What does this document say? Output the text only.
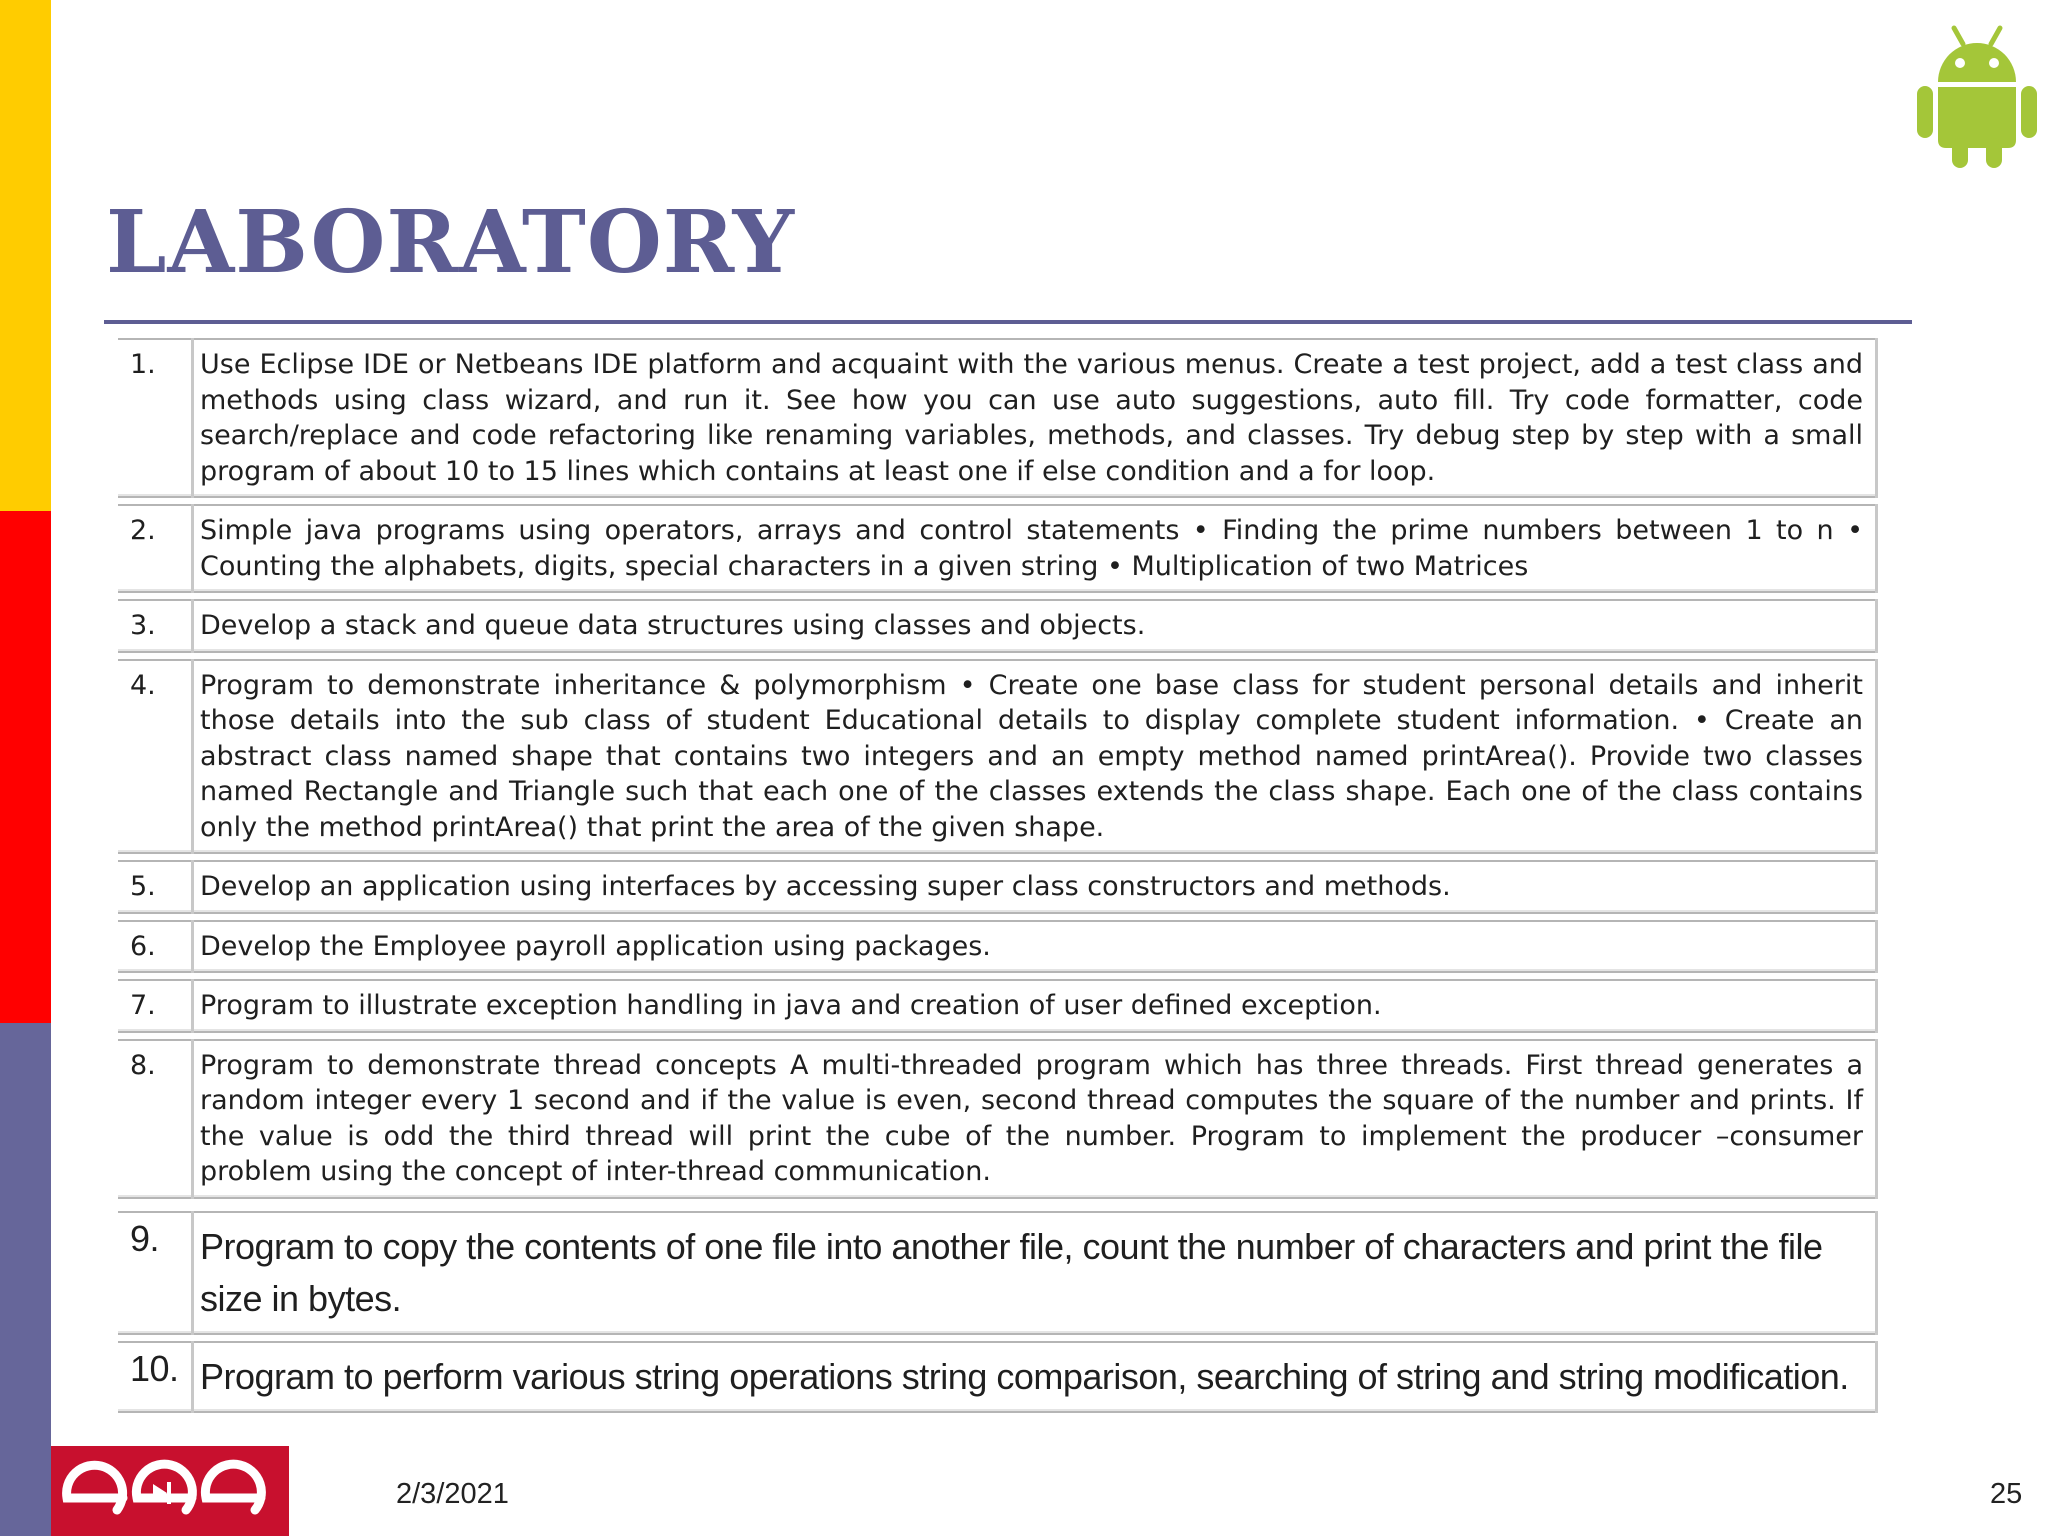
LABORATORY
1.	Use Eclipse IDE or Netbeans IDE platform and acquaint with the various menus. Create a test project, add a test class and methods using class wizard, and run it. See how you can use auto suggestions, auto fill. Try code formatter, code search/replace and code refactoring like renaming variables, methods, and classes. Try debug step by step with a small program of about 10 to 15 lines which contains at least one if else condition and a for loop.

2.	Simple java programs using operators, arrays and control statements • Finding the prime numbers between 1 to n • Counting the alphabets, digits, special characters in a given string • Multiplication of two Matrices

3.	Develop a stack and queue data structures using classes and objects.

4.	Program to demonstrate inheritance & polymorphism • Create one base class for student personal details and inherit those details into the sub class of student Educational details to display complete student information. • Create an abstract class named shape that contains two integers and an empty method named printArea(). Provide two classes named Rectangle and Triangle such that each one of the classes extends the class shape. Each one of the class contains only the method printArea() that print the area of the given shape.

5.	Develop an application using interfaces by accessing super class constructors and methods.

6.	Develop the Employee payroll application using packages.

7.	Program to illustrate exception handling in java and creation of user defined exception.

8.	Program to demonstrate thread concepts A multi-threaded program which has three threads. First thread generates a random integer every 1 second and if the value is even, second thread computes the square of the number and prints. If the value is odd the third thread will print the cube of the number. Program to implement the producer –consumer problem using the concept of inter-thread communication.

9.	Program to copy the contents of one file into another file, count the number of characters and print the file size in bytes.

10.	Program to perform various string operations string comparison, searching of string and string modification.
2/3/2021	25
